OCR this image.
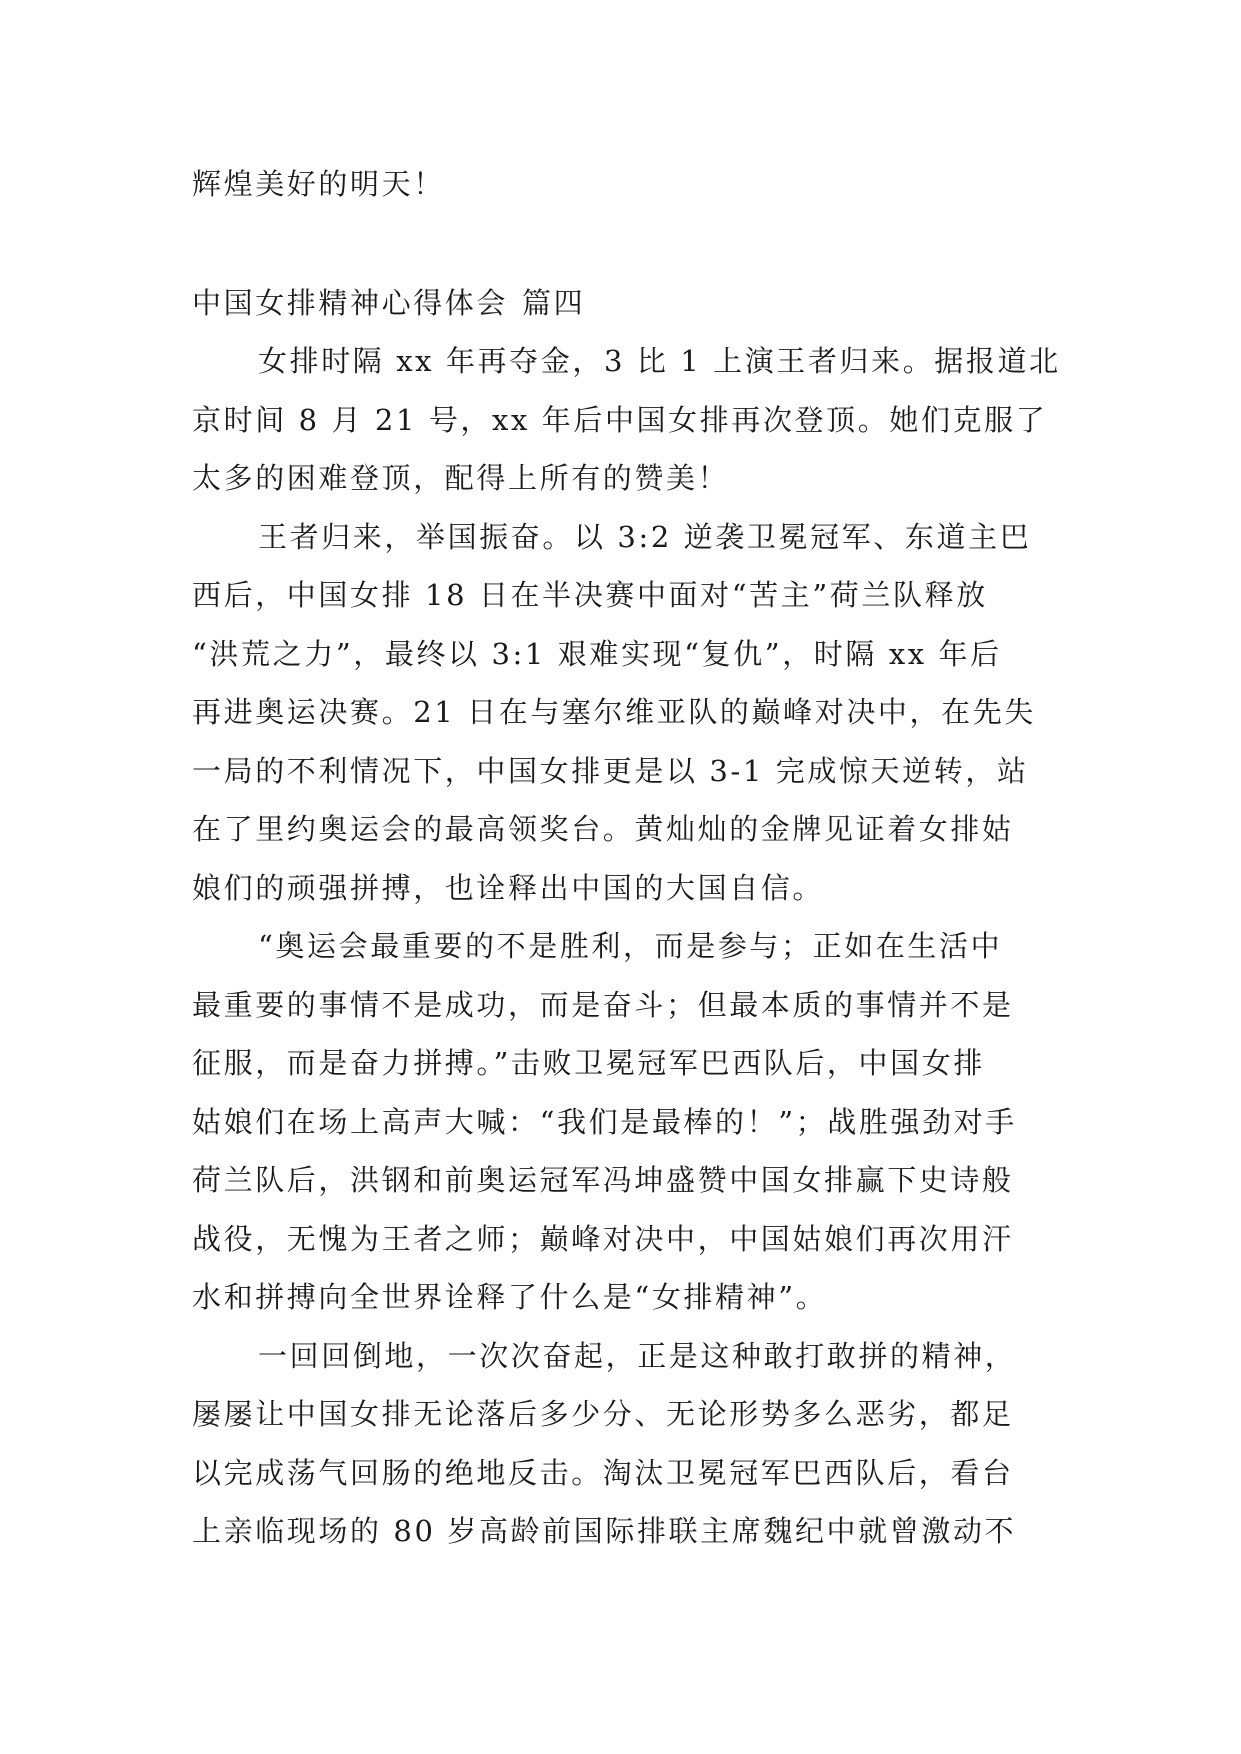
辉煌美好的明天！

中国女排精神心得体会 篇四

女排时隔 xx 年再夺金，3 比 1 上演王者归来。据报道北

京时间 8 月 21 号，xx 年后中国女排再次登顶。她们克服了

太多的困难登顶，配得上所有的赞美！

王者归来，举国振奋。以 3:2 逆袭卫冕冠军、东道主巴

西后，中国女排 18 日在半决赛中面对“苦主”荷兰队释放

“洪荒之力”，最终以 3:1 艰难实现“复仇”，时隔 xx 年后

再进奥运决赛。21 日在与塞尔维亚队的巅峰对决中，在先失

一局的不利情况下，中国女排更是以 3-1 完成惊天逆转，站

在了里约奥运会的最高领奖台。黄灿灿的金牌见证着女排姑

娘们的顽强拼搏，也诠释出中国的大国自信。

“奥运会最重要的不是胜利，而是参与；正如在生活中

最重要的事情不是成功，而是奋斗；但最本质的事情并不是

征服，而是奋力拼搏。”击败卫冕冠军巴西队后，中国女排

姑娘们在场上高声大喊：“我们是最棒的！”；战胜强劲对手

荷兰队后，洪钢和前奥运冠军冯坤盛赞中国女排赢下史诗般

战役，无愧为王者之师；巅峰对决中，中国姑娘们再次用汗

水和拼搏向全世界诠释了什么是“女排精神”。

一回回倒地，一次次奋起，正是这种敢打敢拼的精神，

屡屡让中国女排无论落后多少分、无论形势多么恶劣，都足

以完成荡气回肠的绝地反击。淘汰卫冕冠军巴西队后，看台

上亲临现场的 80 岁高龄前国际排联主席魏纪中就曾激动不
